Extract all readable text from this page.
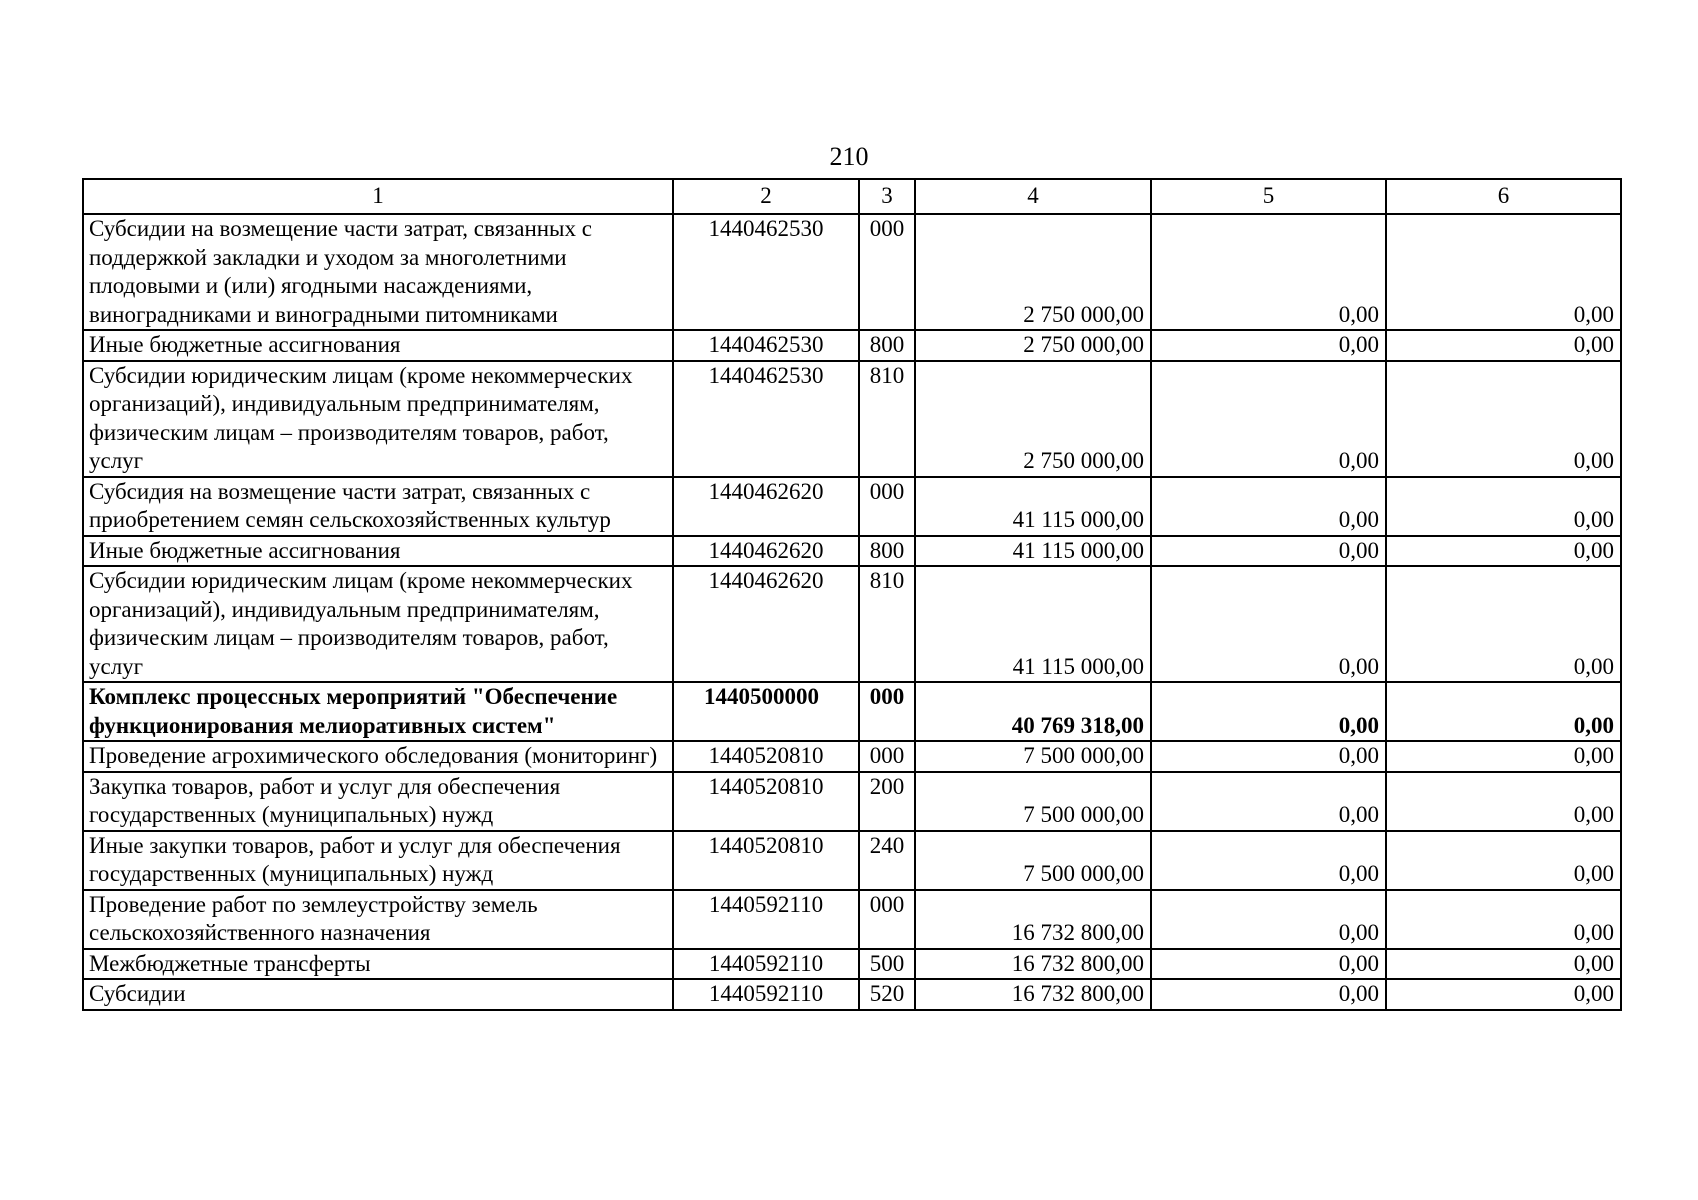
210
1	2	3	4	5	6
Субсидии на возмещение части затрат, связанных с поддержкой закладки и уходом за многолетними плодовыми и (или) ягодными насаждениями, виноградниками и виноградными питомниками	1440462530	000	2 750 000,00	0,00	0,00
Иные бюджетные ассигнования	1440462530	800	2 750 000,00	0,00	0,00
Субсидии юридическим лицам (кроме некоммерческих организаций), индивидуальным предпринимателям, физическим лицам – производителям товаров, работ, услуг	1440462530	810	2 750 000,00	0,00	0,00
Субсидия на возмещение части затрат, связанных с приобретением семян сельскохозяйственных культур	1440462620	000	41 115 000,00	0,00	0,00
Иные бюджетные ассигнования	1440462620	800	41 115 000,00	0,00	0,00
Субсидии юридическим лицам (кроме некоммерческих организаций), индивидуальным предпринимателям, физическим лицам – производителям товаров, работ, услуг	1440462620	810	41 115 000,00	0,00	0,00
Комплекс процессных мероприятий "Обеспечение функционирования мелиоративных систем"	1440500000	000	40 769 318,00	0,00	0,00
Проведение агрохимического обследования (мониторинг)	1440520810	000	7 500 000,00	0,00	0,00
Закупка товаров, работ и услуг для обеспечения государственных (муниципальных) нужд	1440520810	200	7 500 000,00	0,00	0,00
Иные закупки товаров, работ и услуг для обеспечения государственных (муниципальных) нужд	1440520810	240	7 500 000,00	0,00	0,00
Проведение работ по землеустройству земель сельскохозяйственного назначения	1440592110	000	16 732 800,00	0,00	0,00
Межбюджетные трансферты	1440592110	500	16 732 800,00	0,00	0,00
Субсидии	1440592110	520	16 732 800,00	0,00	0,00
